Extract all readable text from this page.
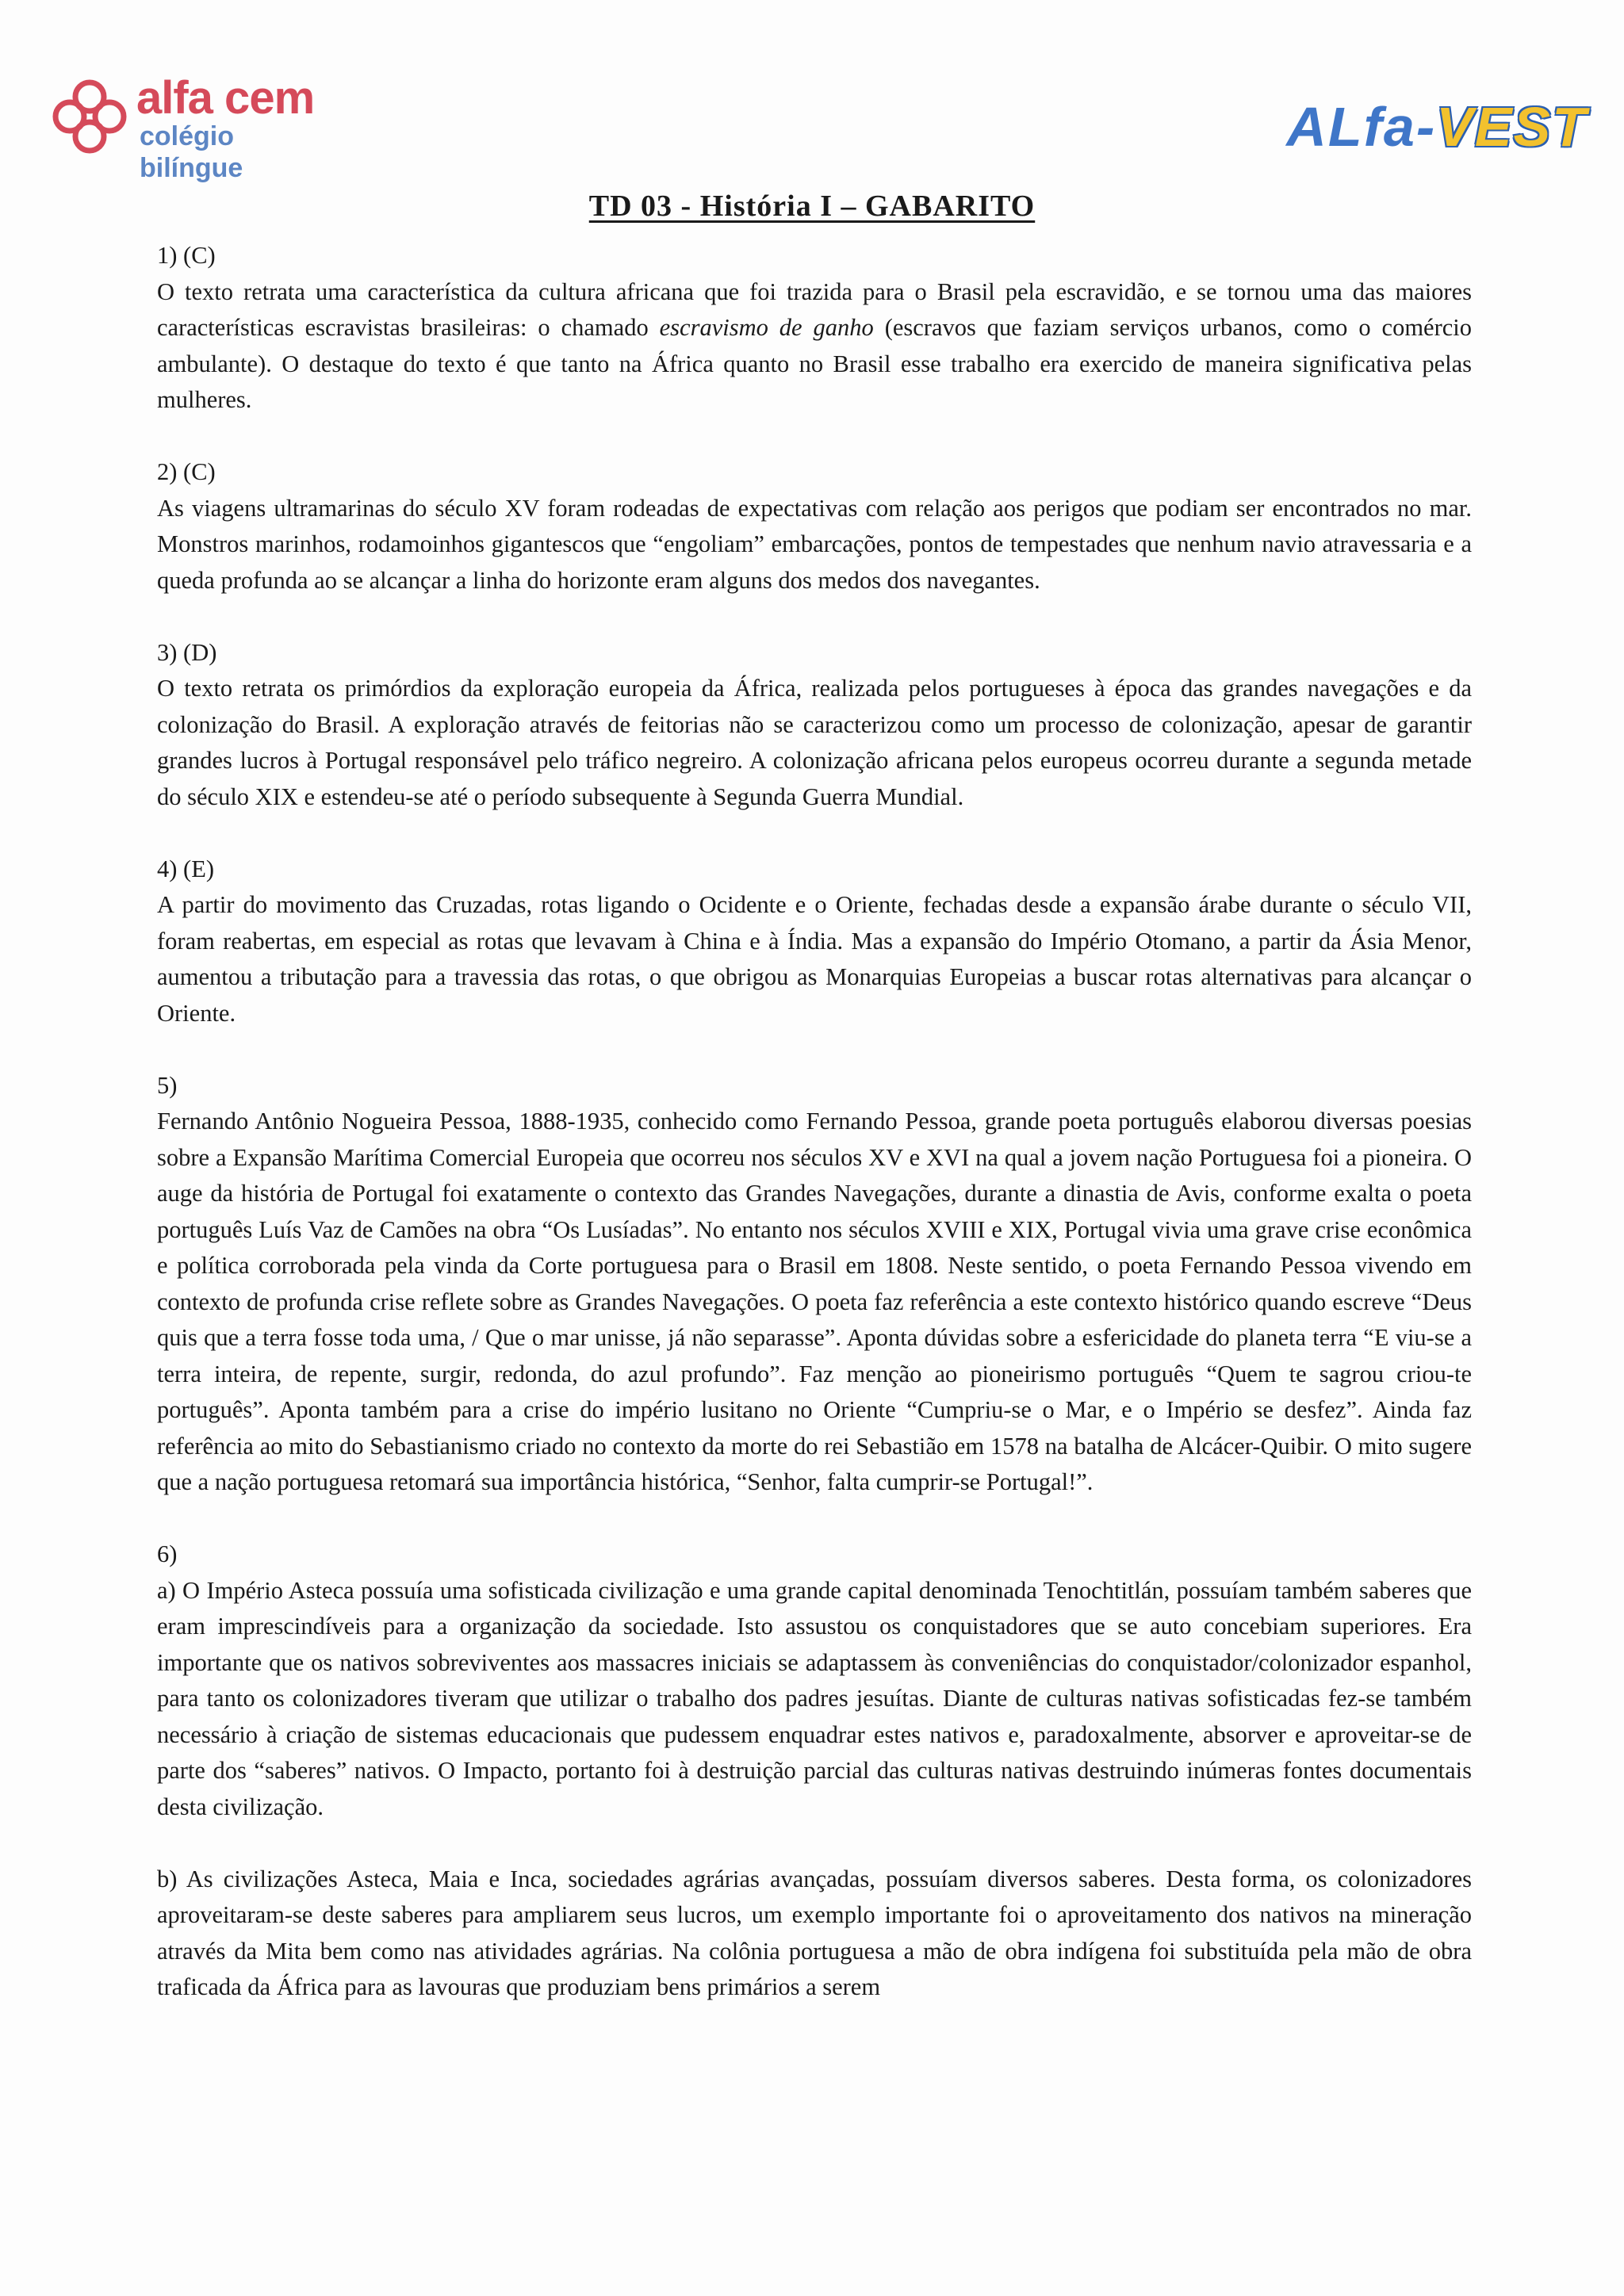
alfa cem
colégio bilíngue
ALfa-VEST
TD 03 - História I – GABARITO

1) (C)

O texto retrata uma característica da cultura africana que foi trazida para o Brasil pela escravidão, e se tornou uma das maiores características escravistas brasileiras: o chamado escravismo de ganho (escravos que faziam serviços urbanos, como o comércio ambulante). O destaque do texto é que tanto na África quanto no Brasil esse trabalho era exercido de maneira significativa pelas mulheres.

2) (C)

As viagens ultramarinas do século XV foram rodeadas de expectativas com relação aos perigos que podiam ser encontrados no mar. Monstros marinhos, rodamoinhos gigantescos que “engoliam” embarcações, pontos de tempestades que nenhum navio atravessaria e a queda profunda ao se alcançar a linha do horizonte eram alguns dos medos dos navegantes.

3) (D)

O texto retrata os primórdios da exploração europeia da África, realizada pelos portugueses à época das grandes navegações e da colonização do Brasil. A exploração através de feitorias não se caracterizou como um processo de colonização, apesar de garantir grandes lucros à Portugal responsável pelo tráfico negreiro. A colonização africana pelos europeus ocorreu durante a segunda metade do século XIX e estendeu-se até o período subsequente à Segunda Guerra Mundial.

4) (E)

A partir do movimento das Cruzadas, rotas ligando o Ocidente e o Oriente, fechadas desde a expansão árabe durante o século VII, foram reabertas, em especial as rotas que levavam à China e à Índia. Mas a expansão do Império Otomano, a partir da Ásia Menor, aumentou a tributação para a travessia das rotas, o que obrigou as Monarquias Europeias a buscar rotas alternativas para alcançar o Oriente.

5)

Fernando Antônio Nogueira Pessoa, 1888-1935, conhecido como Fernando Pessoa, grande poeta português elaborou diversas poesias sobre a Expansão Marítima Comercial Europeia que ocorreu nos séculos XV e XVI na qual a jovem nação Portuguesa foi a pioneira. O auge da história de Portugal foi exatamente o contexto das Grandes Navegações, durante a dinastia de Avis, conforme exalta o poeta português Luís Vaz de Camões na obra “Os Lusíadas”. No entanto nos séculos XVIII e XIX, Portugal vivia uma grave crise econômica e política corroborada pela vinda da Corte portuguesa para o Brasil em 1808. Neste sentido, o poeta Fernando Pessoa vivendo em contexto de profunda crise reflete sobre as Grandes Navegações. O poeta faz referência a este contexto histórico quando escreve “Deus quis que a terra fosse toda uma, / Que o mar unisse, já não separasse”. Aponta dúvidas sobre a esfericidade do planeta terra “E viu-se a terra inteira, de repente, surgir, redonda, do azul profundo”. Faz menção ao pioneirismo português “Quem te sagrou criou-te português”. Aponta também para a crise do império lusitano no Oriente “Cumpriu-se o Mar, e o Império se desfez”. Ainda faz referência ao mito do Sebastianismo criado no contexto da morte do rei Sebastião em 1578 na batalha de Alcácer-Quibir. O mito sugere que a nação portuguesa retomará sua importância histórica, “Senhor, falta cumprir-se Portugal!”.

6)

a) O Império Asteca possuía uma sofisticada civilização e uma grande capital denominada Tenochtitlán, possuíam também saberes que eram imprescindíveis para a organização da sociedade. Isto assustou os conquistadores que se auto concebiam superiores. Era importante que os nativos sobreviventes aos massacres iniciais se adaptassem às conveniências do conquistador/colonizador espanhol, para tanto os colonizadores tiveram que utilizar o trabalho dos padres jesuítas. Diante de culturas nativas sofisticadas fez-se também necessário à criação de sistemas educacionais que pudessem enquadrar estes nativos e, paradoxalmente, absorver e aproveitar-se de parte dos “saberes” nativos. O Impacto, portanto foi à destruição parcial das culturas nativas destruindo inúmeras fontes documentais desta civilização.

b) As civilizações Asteca, Maia e Inca, sociedades agrárias avançadas, possuíam diversos saberes. Desta forma, os colonizadores aproveitaram-se deste saberes para ampliarem seus lucros, um exemplo importante foi o aproveitamento dos nativos na mineração através da Mita bem como nas atividades agrárias. Na colônia portuguesa a mão de obra indígena foi substituída pela mão de obra traficada da África para as lavouras que produziam bens primários a serem
